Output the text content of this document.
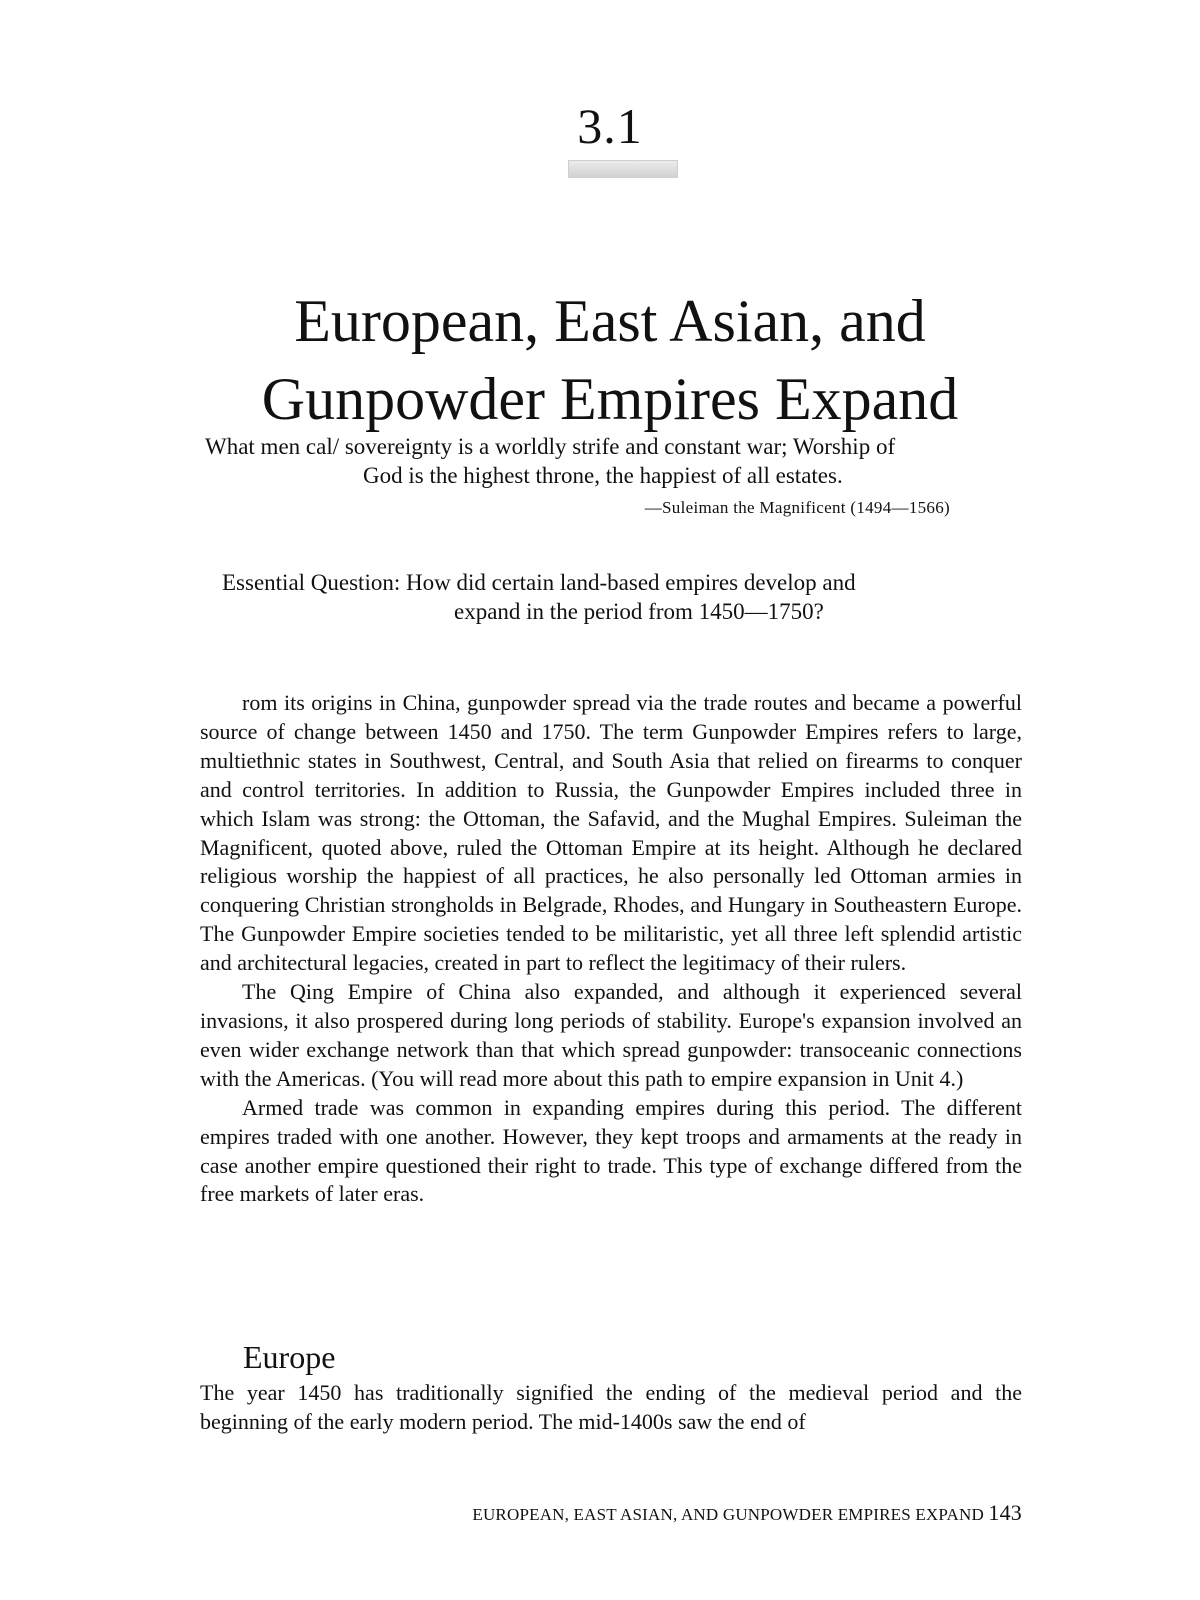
3.1
European, East Asian, and Gunpowder Empires Expand
What men cal/ sovereignty is a worldly strife and constant war; Worship of
God is the highest throne, the happiest of all estates.
—Suleiman the Magnificent (1494—1566)
Essential Question: How did certain land-based empires develop and
expand in the period from 1450—1750?

rom its origins in China, gunpowder spread via the trade routes and became a powerful source of change between 1450 and 1750. The term Gunpowder Empires refers to large, multiethnic states in Southwest, Central, and South Asia that relied on firearms to conquer and control territories. In addition to Russia, the Gunpowder Empires included three in which Islam was strong: the Ottoman, the Safavid, and the Mughal Empires. Suleiman the Magnificent, quoted above, ruled the Ottoman Empire at its height. Although he declared religious worship the happiest of all practices, he also personally led Ottoman armies in conquering Christian strongholds in Belgrade, Rhodes, and Hungary in Southeastern Europe. The Gunpowder Empire societies tended to be militaristic, yet all three left splendid artistic and architectural legacies, created in part to reflect the legitimacy of their rulers.

The Qing Empire of China also expanded, and although it experienced several invasions, it also prospered during long periods of stability. Europe's expansion involved an even wider exchange network than that which spread gunpowder: transoceanic connections with the Americas. (You will read more about this path to empire expansion in Unit 4.)

Armed trade was common in expanding empires during this period. The different empires traded with one another. However, they kept troops and armaments at the ready in case another empire questioned their right to trade. This type of exchange differed from the free markets of later eras.

Europe

The year 1450 has traditionally signified the ending of the medieval period and the beginning of the early modern period. The mid-1400s saw the end of

EUROPEAN, EAST ASIAN, AND GUNPOWDER EMPIRES EXPAND 143
